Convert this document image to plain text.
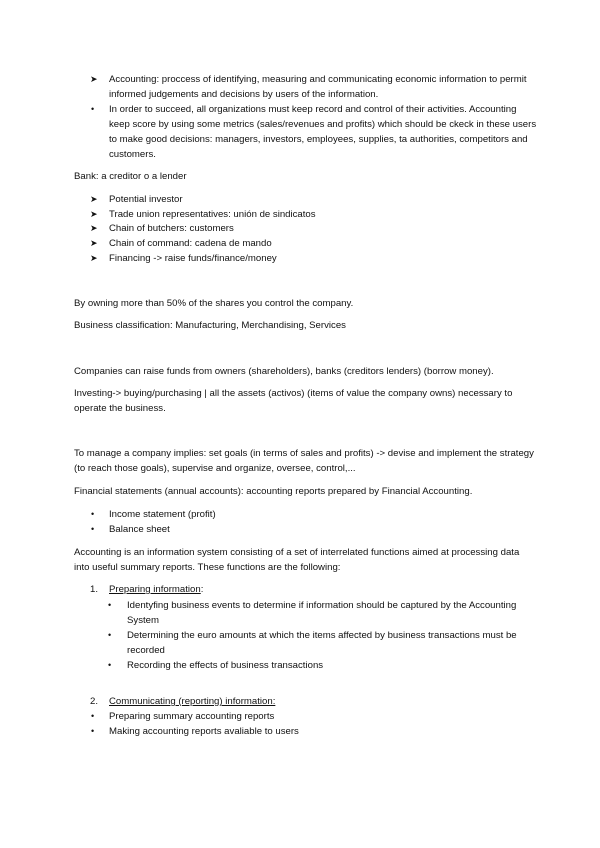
➤	Accounting: proccess of identifying, measuring and communicating economic information to permit informed judgements and decisions by users of the information.

•	In order to succeed, all organizations must keep record and control of their activities. Accounting keep score by using some metrics (sales/revenues and profits) which should be ckeck in these users to make good decisions: managers, investors, employees, supplies, ta authorities, competitors and customers.

Bank: a creditor o a lender

➤	Potential investor

➤	Trade union representatives: unión de sindicatos

➤	Chain of butchers: customers

➤	Chain of command: cadena de mando

➤	Financing -> raise funds/finance/money

By owning more than 50% of the shares you control the company.

Business classification: Manufacturing, Merchandising, Services

Companies can raise funds from owners (shareholders), banks (creditors lenders) (borrow money).

Investing-> buying/purchasing | all the assets (activos) (items of value the company owns) necessary to operate the business.

To manage a company implies: set goals (in terms of sales and profits) -> devise and implement the strategy (to reach those goals), supervise and organize, oversee, control,...

Financial statements (annual accounts): accounting reports prepared by Financial Accounting.

•	Income statement (profit)

•	Balance sheet

Accounting is an information system consisting of a set of interrelated functions aimed at processing data into useful summary reports. These functions are the following:

1.	Preparing information:

•	Identyfing business events to determine if information should be captured by the Accounting System

•	Determining the euro amounts at which the items affected by business transactions must be recorded

•	Recording the effects of business transactions

2.	Communicating (reporting) information:

•	Preparing summary accounting reports

•	Making accounting reports avaliable to users
